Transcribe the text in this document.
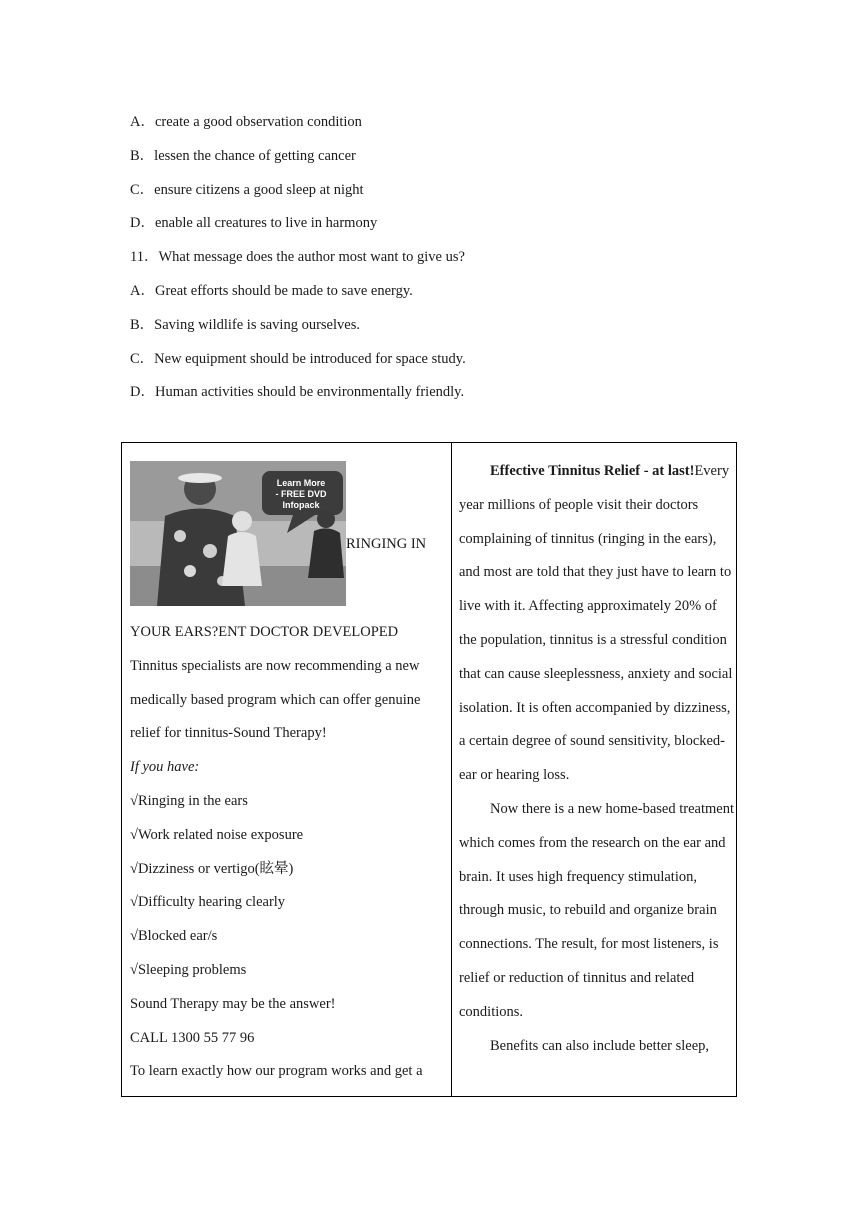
A．create a good observation condition
B．lessen the chance of getting cancer
C．ensure citizens a good sleep at night
D．enable all creatures to live in harmony
11．What message does the author most want to give us?
A．Great efforts should be made to save energy.
B．Saving wildlife is saving ourselves.
C．New equipment should be introduced for space study.
D．Human activities should be environmentally friendly.
Learn More
- FREE DVD
Infopack
RINGING IN
YOUR EARS?ENT DOCTOR DEVELOPED
Tinnitus specialists are now recommending a new
medically based program which can offer genuine
relief for tinnitus-Sound Therapy!
If you have:
√Ringing in the ears
√Work related noise exposure
√Dizziness or vertigo(眩晕)
√Difficulty hearing clearly
√Blocked ear/s
√Sleeping problems
Sound Therapy may be the answer!
CALL 1300 55 77 96
To learn exactly how our program works and get a

Effective Tinnitus Relief - at last!Every year millions of people visit their doctors complaining of tinnitus (ringing in the ears), and most are told that they just have to learn to live with it. Affecting approximately 20% of the population, tinnitus is a stressful condition that can cause sleeplessness, anxiety and social isolation. It is often accompanied by dizziness, a certain degree of sound sensitivity, blocked-ear or hearing loss.

Now there is a new home-based treatment which comes from the research on the ear and brain. It uses high frequency stimulation, through music, to rebuild and organize brain connections. The result, for most listeners, is relief or reduction of tinnitus and related conditions.

Benefits can also include better sleep,
